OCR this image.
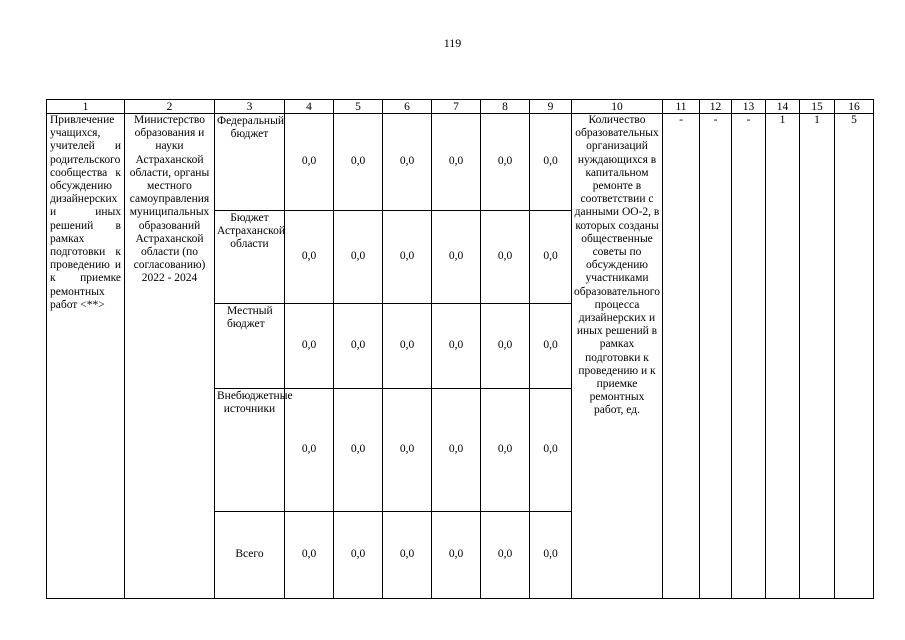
119
1	2	3	4	5	6	7	8	9	10	11	12	13	14	15	16
Привлечение учащихся, учителей и родительского сообщества к обсуждению дизайнерских и иных решений в рамках подготовки к проведению и к приемке ремонтных работ <**>	Министерство образования и науки Астраханской области, органы местного самоуправления муниципальных образований Астраханской области (по согласованию) 2022 - 2024	Федеральный бюджет	0,0	0,0	0,0	0,0	0,0	0,0	Количество образовательных организаций нуждающихся в капитальном ремонте в соответствии с данными ОО-2, в которых созданы общественные советы по обсуждению участниками образовательного процесса дизайнерских и иных решений в рамках подготовки к проведению и к приемке ремонтных работ, ед.	-	-	-	1	1	5

		Бюджет Астраханской области	0,0	0,0	0,0	0,0	0,0	0,0							

		Местный бюджет	0,0	0,0	0,0	0,0	0,0	0,0							

		Внебюджетные источники	0,0	0,0	0,0	0,0	0,0	0,0							

		Всего	0,0	0,0	0,0	0,0	0,0	0,0							
